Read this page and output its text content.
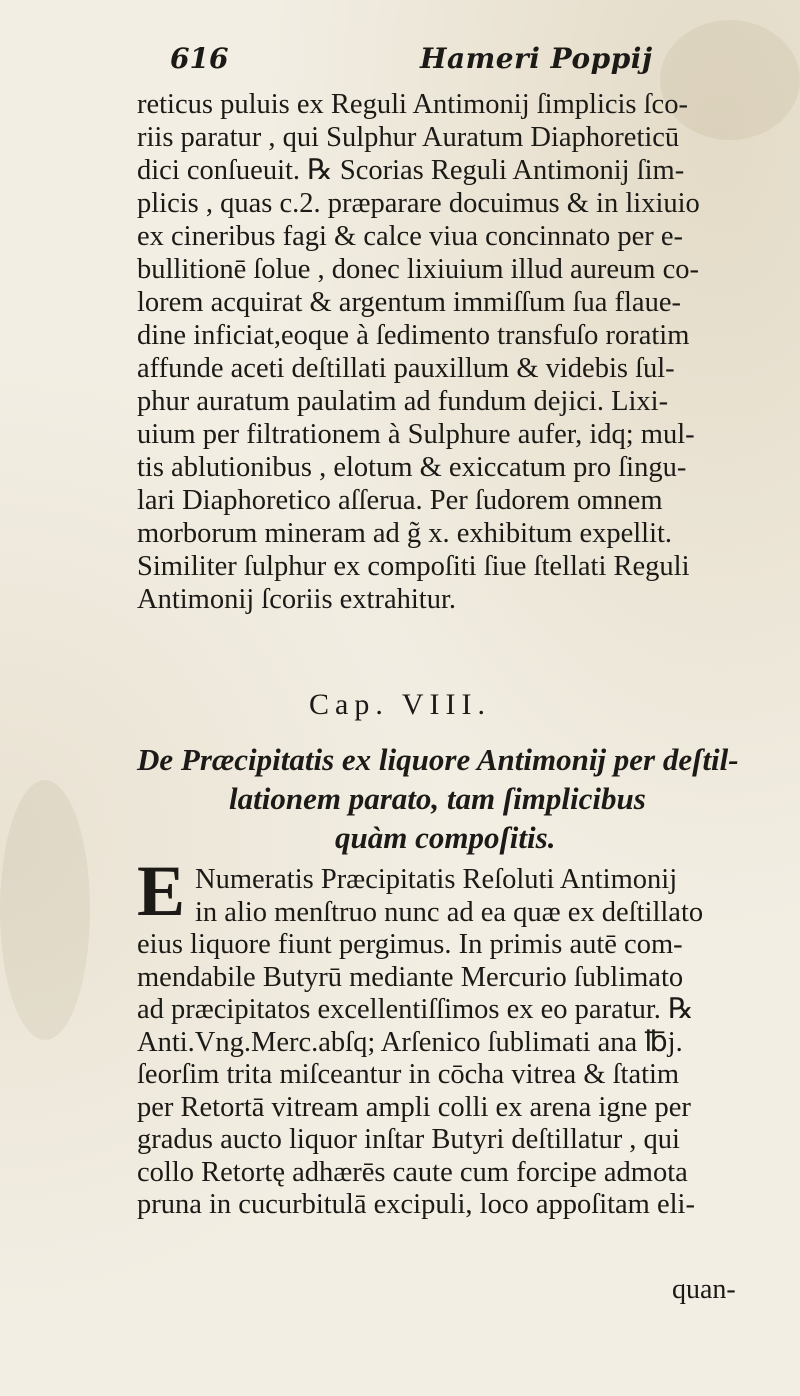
616	Hameri Poppij
reticus puluis ex Reguli Antimonij ſimplicis ſco-
riis paratur , qui Sulphur Auratum Diaphoreticū
dici conſueuit. ℞ Scorias Reguli Antimonij ſim-
plicis , quas c.2. præparare docuimus & in lixiuio
ex cineribus fagi & calce viua concinnato per e-
bullitionē ſolue , donec lixiuium illud aureum co-
lorem acquirat & argentum immiſſum ſua flaue-
dine inficiat,eoque à ſedimento transfuſo roratim
affunde aceti deſtillati pauxillum & videbis ſul-
phur auratum paulatim ad fundum dejici. Lixi-
uium per filtrationem à Sulphure aufer, idq; mul-
tis ablutionibus , elotum & exiccatum pro ſingu-
lari Diaphoretico aſſerua. Per ſudorem omnem
morborum mineram ad g̃ x. exhibitum expellit.
Similiter ſulphur ex compoſiti ſiue ſtellati Reguli
Antimonij ſcoriis extrahitur.
Cap. VIII.
De Præcipitatis ex liquore Antimonij per deſtil-
lationem parato, tam ſimplicibus
quàm compoſitis.
E Numeratis Præcipitatis Reſoluti Antimonij
in alio menſtruo nunc ad ea quæ ex deſtillato
eius liquore fiunt pergimus. In primis autē com-
mendabile Butyrū mediante Mercurio ſublimato
ad præcipitatos excellentiſſimos ex eo paratur. ℞
Anti.Vng.Merc.abſq; Arſenico ſublimati ana ℔j.
ſeorſim trita miſceantur in cōcha vitrea & ſtatim
per Retortā vitream ampli colli ex arena igne per
gradus aucto liquor inſtar Butyri deſtillatur , qui
collo Retortę adhærēs caute cum forcipe admota
pruna in cucurbitulā excipuli, loco appoſitam eli-
quan-
